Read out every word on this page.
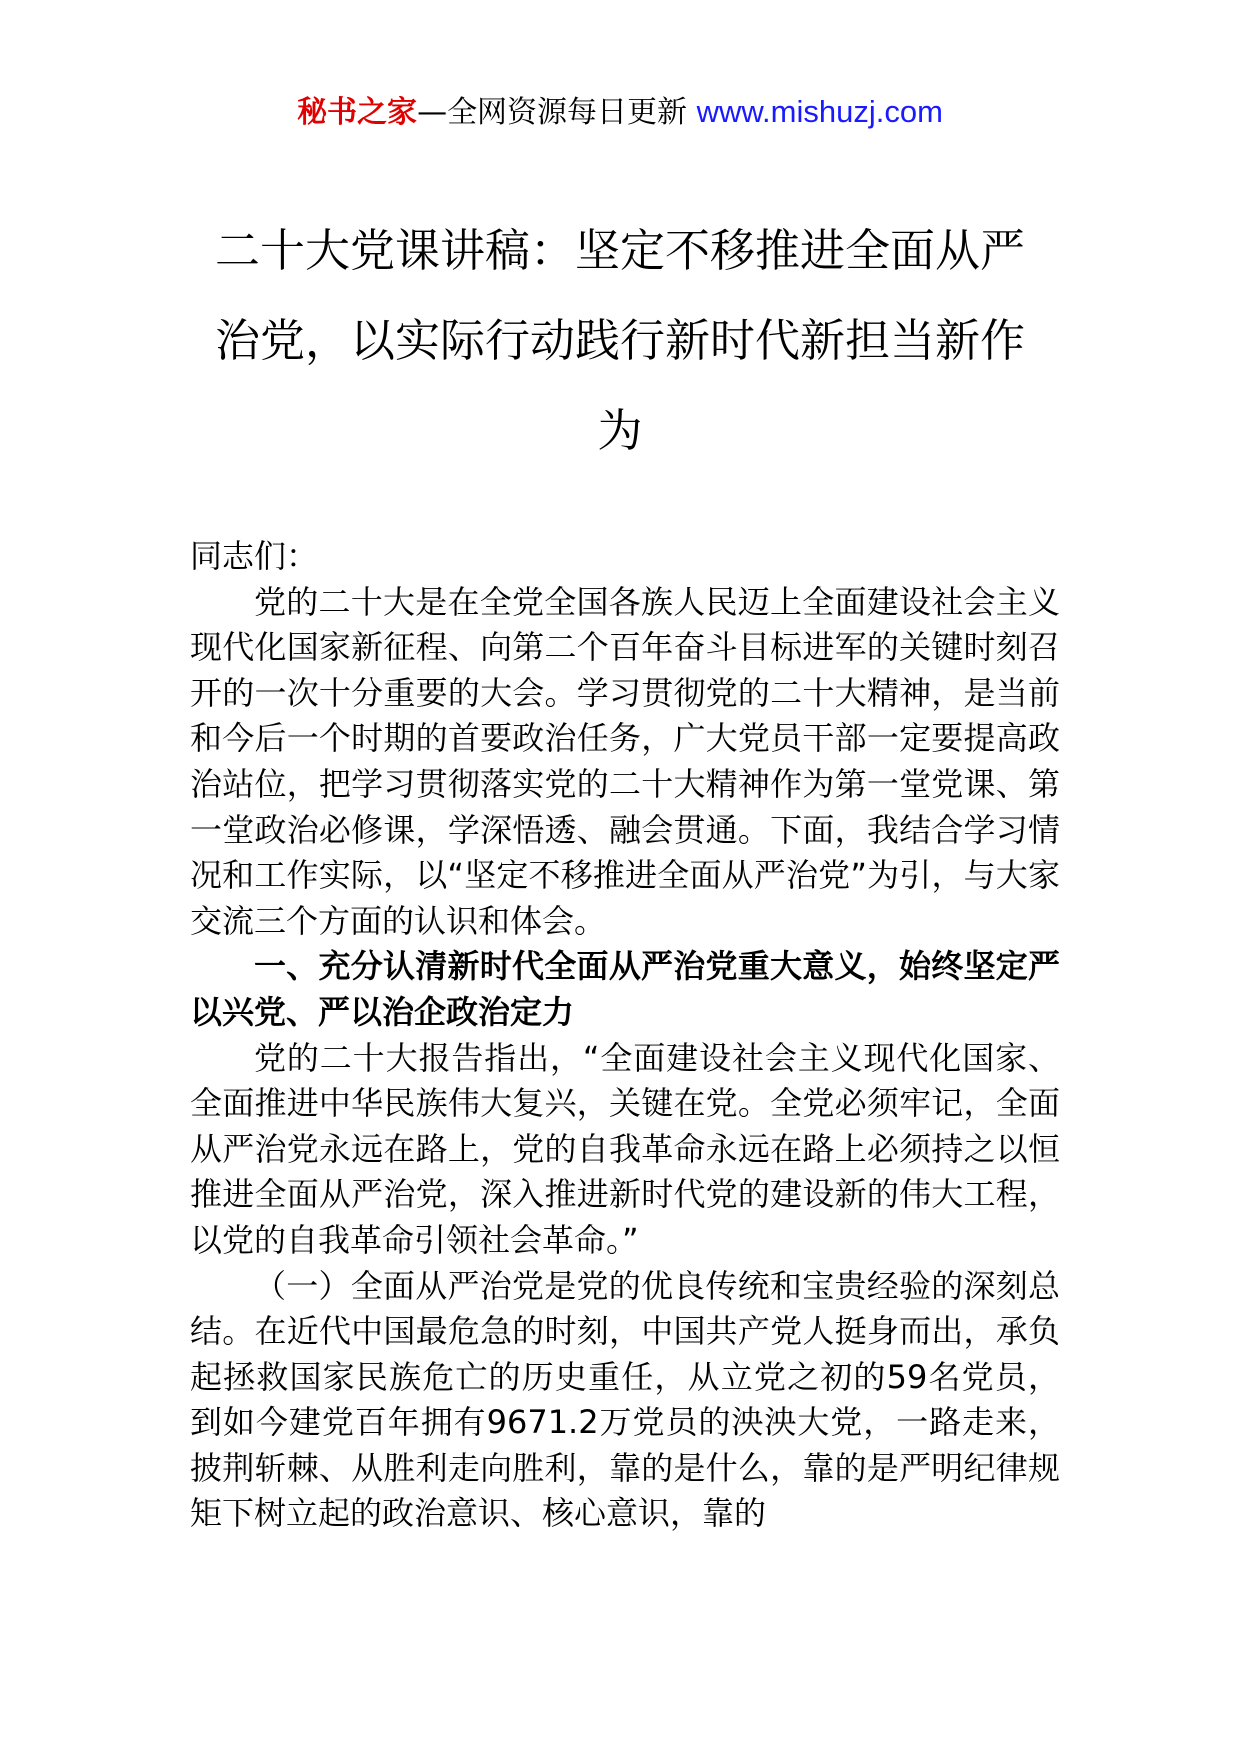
秘书之家—全网资源每日更新 www.mishuzj.com
二十大党课讲稿：坚定不移推进全面从严治党，以实际行动践行新时代新担当新作为

同志们：

党的二十大是在全党全国各族人民迈上全面建设社会主义现代化国家新征程、向第二个百年奋斗目标进军的关键时刻召开的一次十分重要的大会。学习贯彻党的二十大精神，是当前和今后一个时期的首要政治任务，广大党员干部一定要提高政治站位，把学习贯彻落实党的二十大精神作为第一堂党课、第一堂政治必修课，学深悟透、融会贯通。下面，我结合学习情况和工作实际，以“坚定不移推进全面从严治党”为引，与大家交流三个方面的认识和体会。

一、充分认清新时代全面从严治党重大意义，始终坚定严以兴党、严以治企政治定力

党的二十大报告指出，“全面建设社会主义现代化国家、全面推进中华民族伟大复兴，关键在党。全党必须牢记，全面从严治党永远在路上，党的自我革命永远在路上必须持之以恒推进全面从严治党，深入推进新时代党的建设新的伟大工程，以党的自我革命引领社会革命。”

（一）全面从严治党是党的优良传统和宝贵经验的深刻总结。在近代中国最危急的时刻，中国共产党人挺身而出，承负起拯救国家民族危亡的历史重任，从立党之初的59名党员，到如今建党百年拥有9671.2万党员的泱泱大党，一路走来，披荆斩棘、从胜利走向胜利，靠的是什么，靠的是严明纪律规矩下树立起的政治意识、核心意识，靠的
